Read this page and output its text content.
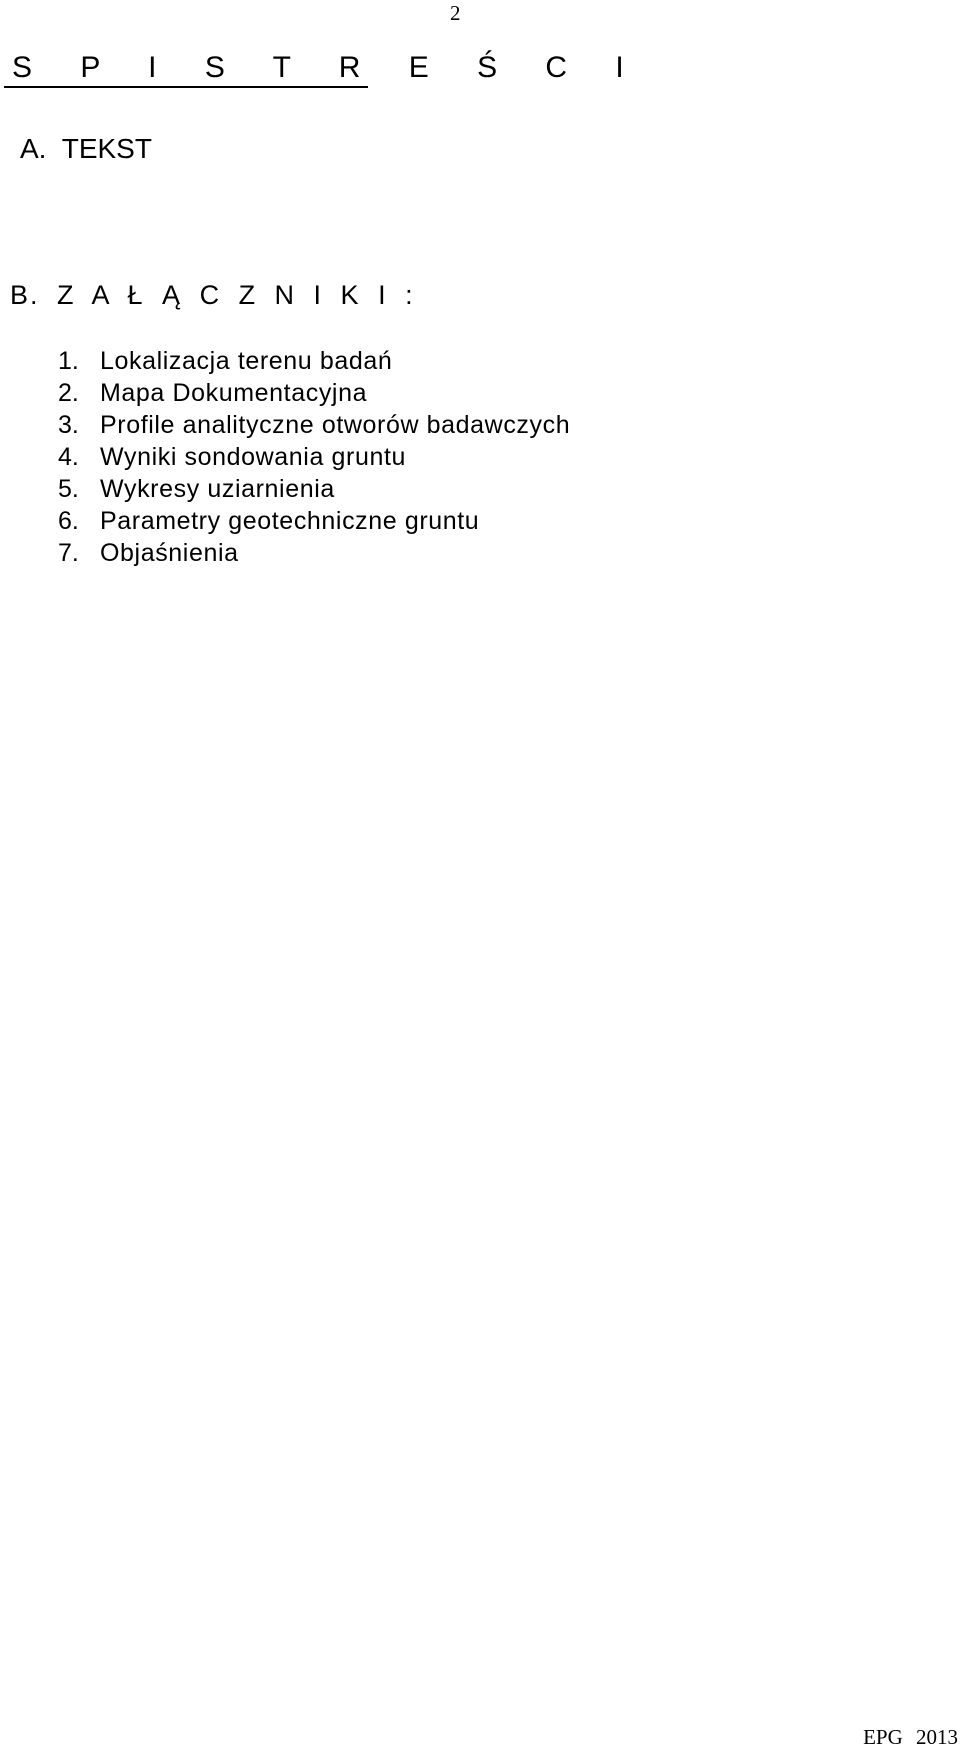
2
S P I S T R E Ś C I
A. TEKST
B. Z A Ł Ą C Z N I K I :
1. Lokalizacja terenu badań
2. Mapa Dokumentacyjna
3. Profile analityczne otworów badawczych
4. Wyniki sondowania gruntu
5. Wykresy uziarnienia
6. Parametry geotechniczne gruntu
7. Objaśnienia
EPG 2013
